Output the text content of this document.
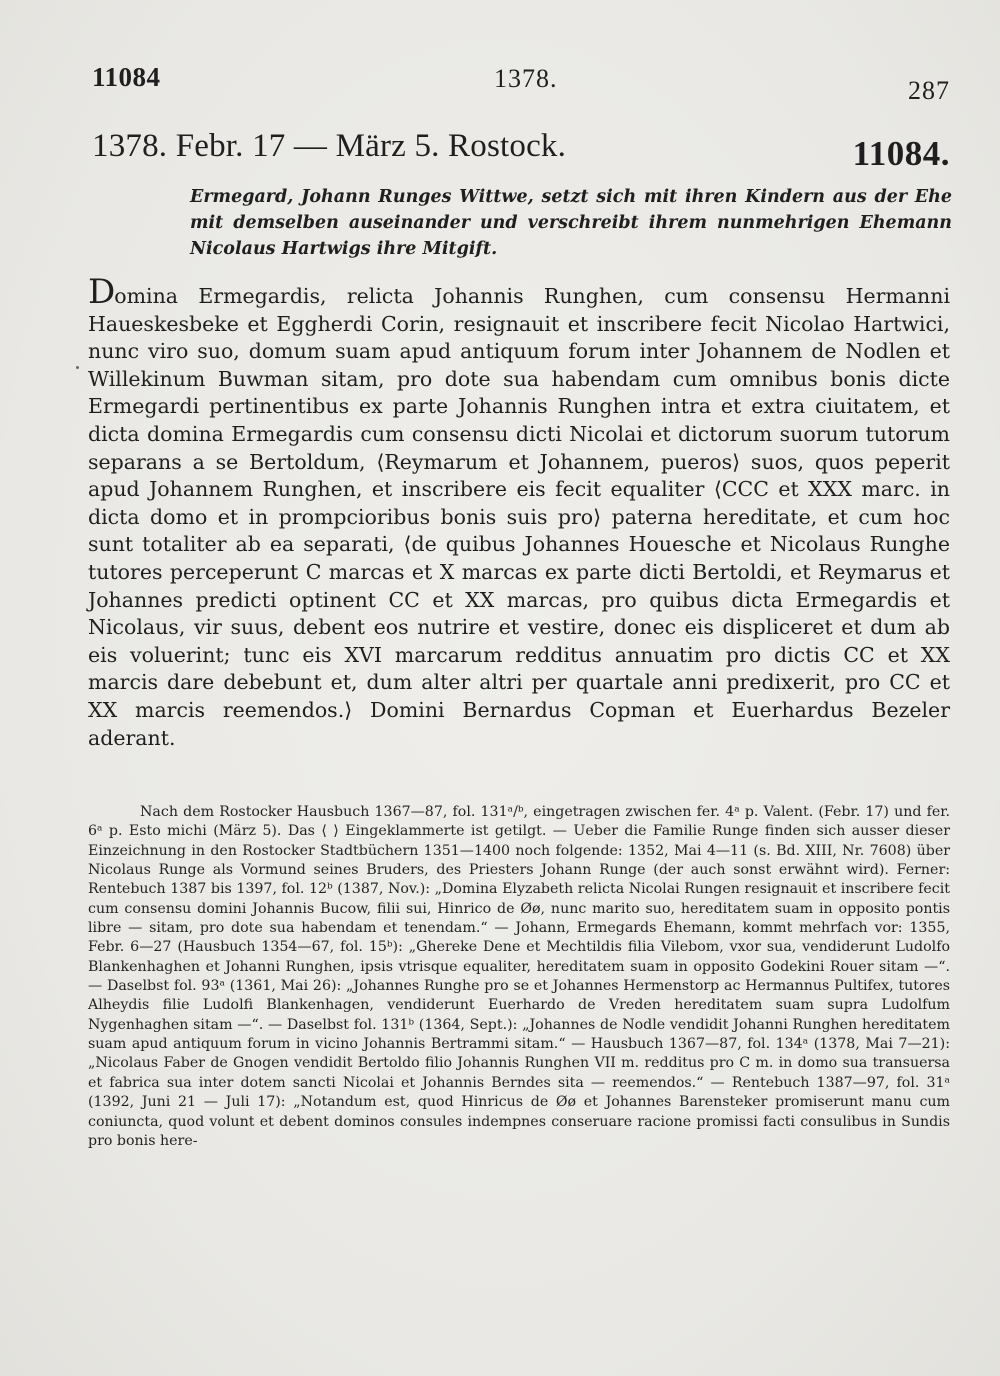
11084	1378.	287
1378. Febr. 17 — März 5. Rostock.	11084.
Ermegard, Johann Runges Wittwe, setzt sich mit ihren Kindern aus der Ehe mit demselben auseinander und verschreibt ihrem nunmehrigen Ehemann Nicolaus Hartwigs ihre Mitgift.
Domina Ermegardis, relicta Johannis Runghen, cum consensu Hermanni Haueskesbeke et Eggherdi Corin, resignauit et inscribere fecit Nicolao Hartwici, nunc viro suo, domum suam apud antiquum forum inter Johannem de Nodlen et Willekinum Buwman sitam, pro dote sua habendam cum omnibus bonis dicte Ermegardi pertinentibus ex parte Johannis Runghen intra et extra ciuitatem, et dicta domina Ermegardis cum consensu dicti Nicolai et dictorum suorum tutorum separans a se Bertoldum, ⟨Reymarum et Johannem, pueros⟩ suos, quos peperit apud Johannem Runghen, et inscribere eis fecit equaliter ⟨CCC et XXX marc. in dicta domo et in prompcioribus bonis suis pro⟩ paterna hereditate, et cum hoc sunt totaliter ab ea separati, ⟨de quibus Johannes Houesche et Nicolaus Runghe tutores perceperunt C marcas et X marcas ex parte dicti Bertoldi, et Reymarus et Johannes predicti optinent CC et XX marcas, pro quibus dicta Ermegardis et Nicolaus, vir suus, debent eos nutrire et vestire, donec eis displiceret et dum ab eis voluerint; tunc eis XVI marcarum redditus annuatim pro dictis CC et XX marcis dare debebunt et, dum alter altri per quartale anni predixerit, pro CC et XX marcis reemendos.⟩ Domini Bernardus Copman et Euerhardus Bezeler aderant.
Nach dem Rostocker Hausbuch 1367—87, fol. 131ᵃ/ᵇ, eingetragen zwischen fer. 4ᵃ p. Valent. (Febr. 17) und fer. 6ᵃ p. Esto michi (März 5). Das ⟨ ⟩ Eingeklammerte ist getilgt. — Ueber die Familie Runge finden sich ausser dieser Einzeichnung in den Rostocker Stadtbüchern 1351—1400 noch folgende: 1352, Mai 4—11 (s. Bd. XIII, Nr. 7608) über Nicolaus Runge als Vormund seines Bruders, des Priesters Johann Runge (der auch sonst erwähnt wird). Ferner: Rentebuch 1387 bis 1397, fol. 12ᵇ (1387, Nov.): „Domina Elyzabeth relicta Nicolai Rungen resignauit et inscribere fecit cum consensu domini Johannis Bucow, filii sui, Hinrico de Øø, nunc marito suo, hereditatem suam in opposito pontis libre — sitam, pro dote sua habendam et tenendam.“ — Johann, Ermegards Ehemann, kommt mehrfach vor: 1355, Febr. 6—27 (Hausbuch 1354—67, fol. 15ᵇ): „Ghereke Dene et Mechtildis filia Vilebom, vxor sua, vendiderunt Ludolfo Blankenhaghen et Johanni Runghen, ipsis vtrisque equaliter, hereditatem suam in opposito Godekini Rouer sitam —“. — Daselbst fol. 93ᵃ (1361, Mai 26): „Johannes Runghe pro se et Johannes Hermenstorp ac Hermannus Pultifex, tutores Alheydis filie Ludolfi Blankenhagen, vendiderunt Euerhardo de Vreden hereditatem suam supra Ludolfum Nygenhaghen sitam —“. — Daselbst fol. 131ᵇ (1364, Sept.): „Johannes de Nodle vendidit Johanni Runghen hereditatem suam apud antiquum forum in vicino Johannis Bertrammi sitam.“ — Hausbuch 1367—87, fol. 134ᵃ (1378, Mai 7—21): „Nicolaus Faber de Gnogen vendidit Bertoldo filio Johannis Runghen VII m. redditus pro C m. in domo sua transuersa et fabrica sua inter dotem sancti Nicolai et Johannis Berndes sita — reemendos.“ — Rentebuch 1387—97, fol. 31ᵃ (1392, Juni 21 — Juli 17): „Notandum est, quod Hinricus de Øø et Johannes Barensteker promiserunt manu cum coniuncta, quod volunt et debent dominos consules indempnes conseruare racione promissi facti consulibus in Sundis pro bonis here-
